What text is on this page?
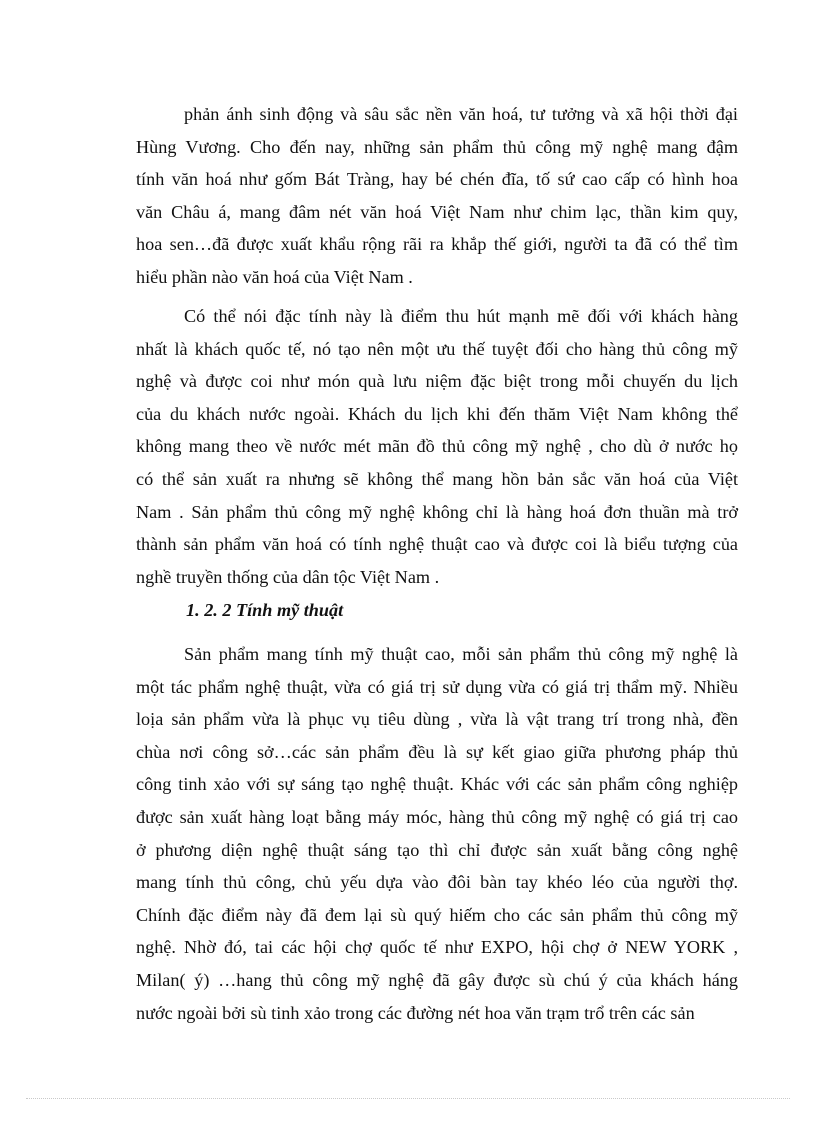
phản ánh sinh động và sâu sắc nền văn hoá, tư tưởng và xã hội thời đại
Hùng Vương. Cho đến nay, những sản phẩm thủ công mỹ nghệ mang đậm
tính văn hoá như gốm Bát Tràng, hay bé chén đĩa, tố sứ cao cấp có hình hoa
văn Châu á, mang đâm nét văn hoá Việt Nam như chim lạc, thần kim quy,
hoa sen…đã được xuất khẩu rộng rãi ra khắp thế giới, người ta đã có thể tìm
hiểu phần nào văn hoá của Việt Nam .
Có thể nói đặc tính này là điểm thu hút mạnh mẽ đối với khách hàng
nhất là khách quốc tế, nó tạo nên một ưu thế tuyệt đối cho hàng thủ công mỹ
nghệ và được coi như món quà lưu niệm đặc biệt trong mỗi chuyến du lịch
của du khách nước ngoài. Khách du lịch khi đến thăm Việt Nam không thể
không mang theo về nước mét mãn đồ thủ công mỹ nghệ , cho dù ở nước họ
có thể sản xuất ra nhưng sẽ không thể mang hồn bản sắc văn hoá của Việt
Nam . Sản phẩm thủ công mỹ nghệ không chỉ là hàng hoá đơn thuần mà trở
thành sản phẩm văn hoá có tính nghệ thuật cao và được coi là biểu tượng của
nghề truyền thống của dân tộc Việt Nam .
1. 2. 2 Tính mỹ thuật
Sản phẩm mang tính mỹ thuật cao, mỗi sản phẩm thủ công mỹ nghệ là
một tác phẩm nghệ thuật, vừa có giá trị sử dụng vừa có giá trị thẩm mỹ. Nhiều
loịa sản phẩm vừa là phục vụ tiêu dùng , vừa là vật trang trí trong nhà, đền
chùa nơi công sở…các sản phẩm đều là sự kết giao giữa phương pháp thủ
công tinh xảo với sự sáng tạo nghệ thuật. Khác với các sản phẩm công nghiệp
được sản xuất hàng loạt bằng máy móc, hàng thủ công mỹ nghệ có giá trị cao
ở phương diện nghệ thuật sáng tạo thì chỉ được sản xuất bằng công nghệ
mang tính thủ công, chủ yếu dựa vào đôi bàn tay khéo léo của người thợ.
Chính đặc điểm này đã đem lại sù quý hiếm cho các sản phẩm thủ công mỹ
nghệ. Nhờ đó, tai các hội chợ quốc tế như EXPO, hội chợ ở NEW YORK ,
Milan( ý) …hang thủ công mỹ nghệ đã gây được sù chú ý của khách háng
nước ngoài bởi sù tinh xảo trong các đường nét hoa văn trạm trổ trên các sản
